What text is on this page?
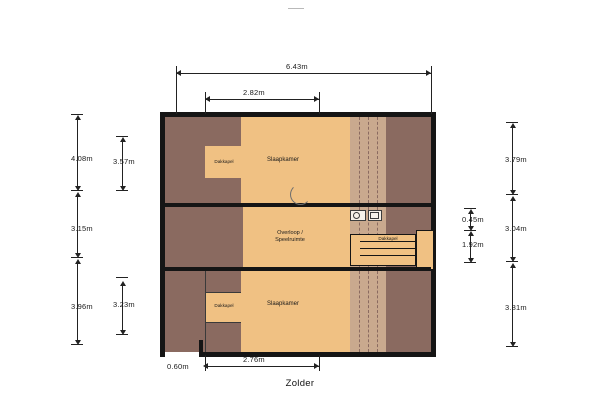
Dakkapel	Slaapkamer
Overloop /
Speelruimte	Dakkapel
Dakkapel	Slaapkamer
6.43m
2.82m
4.08m
3.15m
3.96m
3.57m
3.23m
3.79m
3.04m
3.81m
0.45m
1.92m
2.76m
0.60m
Zolder
